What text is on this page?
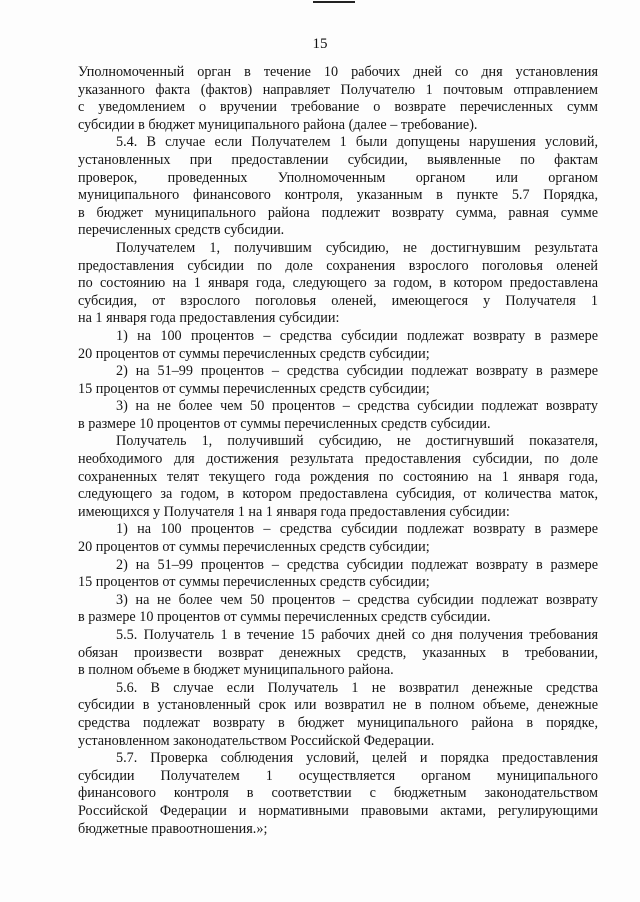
15
Уполномоченный орган в течение 10 рабочих дней со дня установления
указанного факта (фактов) направляет Получателю 1 почтовым отправлением
с уведомлением о вручении требование о возврате перечисленных сумм
субсидии в бюджет муниципального района (далее – требование).
5.4. В случае если Получателем 1 были допущены нарушения условий,
установленных при предоставлении субсидии, выявленные по фактам
проверок, проведенных Уполномоченным органом или органом
муниципального финансового контроля, указанным в пункте 5.7 Порядка,
в бюджет муниципального района подлежит возврату сумма, равная сумме
перечисленных средств субсидии.
Получателем 1, получившим субсидию, не достигнувшим результата
предоставления субсидии по доле сохранения взрослого поголовья оленей
по состоянию на 1 января года, следующего за годом, в котором предоставлена
субсидия, от взрослого поголовья оленей, имеющегося у Получателя 1
на 1 января года предоставления субсидии:
1) на 100 процентов – средства субсидии подлежат возврату в размере
20 процентов от суммы перечисленных средств субсидии;
2) на 51–99 процентов – средства субсидии подлежат возврату в размере
15 процентов от суммы перечисленных средств субсидии;
3) на не более чем 50 процентов – средства субсидии подлежат возврату
в размере 10 процентов от суммы перечисленных средств субсидии.
Получатель 1, получивший субсидию, не достигнувший показателя,
необходимого для достижения результата предоставления субсидии, по доле
сохраненных телят текущего года рождения по состоянию на 1 января года,
следующего за годом, в котором предоставлена субсидия, от количества маток,
имеющихся у Получателя 1 на 1 января года предоставления субсидии:
1) на 100 процентов – средства субсидии подлежат возврату в размере
20 процентов от суммы перечисленных средств субсидии;
2) на 51–99 процентов – средства субсидии подлежат возврату в размере
15 процентов от суммы перечисленных средств субсидии;
3) на не более чем 50 процентов – средства субсидии подлежат возврату
в размере 10 процентов от суммы перечисленных средств субсидии.
5.5. Получатель 1 в течение 15 рабочих дней со дня получения требования
обязан произвести возврат денежных средств, указанных в требовании,
в полном объеме в бюджет муниципального района.
5.6. В случае если Получатель 1 не возвратил денежные средства
субсидии в установленный срок или возвратил не в полном объеме, денежные
средства подлежат возврату в бюджет муниципального района в порядке,
установленном законодательством Российской Федерации.
5.7. Проверка соблюдения условий, целей и порядка предоставления
субсидии Получателем 1 осуществляется органом муниципального
финансового контроля в соответствии с бюджетным законодательством
Российской Федерации и нормативными правовыми актами, регулирующими
бюджетные правоотношения.»;
